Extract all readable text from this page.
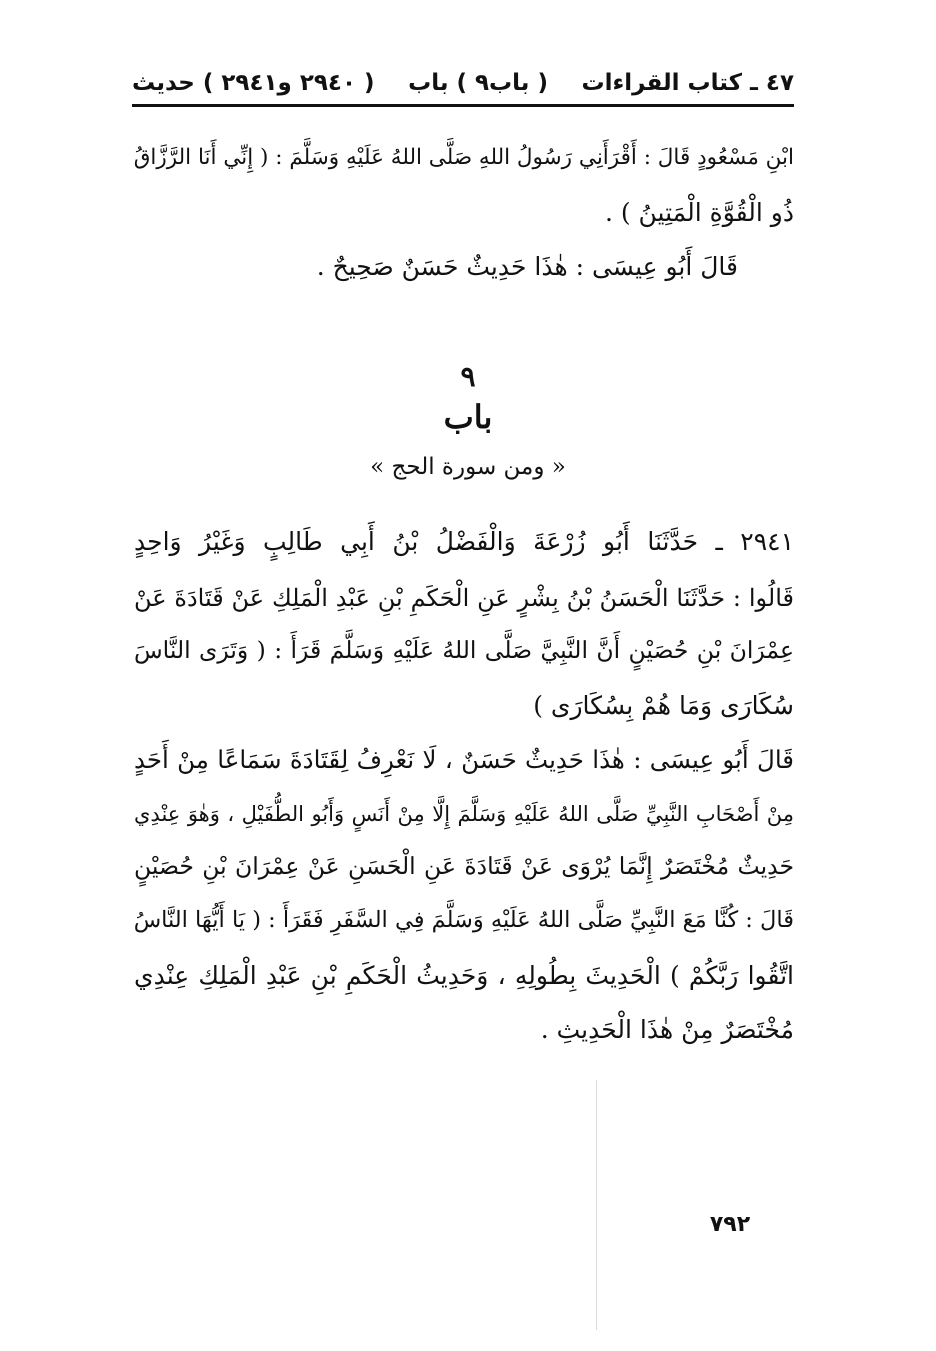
٤٧ ـ كتاب القراءات
( باب٩ ) باب
( ٢٩٤٠ و٢٩٤١ ) حديث
ابْنِ مَسْعُودٍ قَالَ : أَقْرَأَنِي رَسُولُ اللهِ صَلَّى اللهُ عَلَيْهِ وَسَلَّمَ : ( إِنِّي أَنَا الرَّزَّاقُ
ذُو الْقُوَّةِ الْمَتِينُ ) .
قَالَ أَبُو عِيسَى : هٰذَا حَدِيثٌ حَسَنٌ صَحِيحٌ .
٩
باب
« ومن سورة الحج »
٢٩٤١ ـ حَدَّثَنَا أَبُو زُرْعَةَ وَالْفَضْلُ بْنُ أَبِي طَالِبٍ وَغَيْرُ وَاحِدٍ
قَالُوا : حَدَّثَنَا الْحَسَنُ بْنُ بِشْرٍ عَنِ الْحَكَمِ بْنِ عَبْدِ الْمَلِكِ عَنْ قَتَادَةَ عَنْ
عِمْرَانَ بْنِ حُصَيْنٍ أَنَّ النَّبِيَّ صَلَّى اللهُ عَلَيْهِ وَسَلَّمَ قَرَأَ : ( وَتَرَى النَّاسَ
سُكَارَى وَمَا هُمْ بِسُكَارَى )
قَالَ أَبُو عِيسَى : هٰذَا حَدِيثٌ حَسَنٌ ، لَا نَعْرِفُ لِقَتَادَةَ سَمَاعًا مِنْ أَحَدٍ
مِنْ أَصْحَابِ النَّبِيِّ صَلَّى اللهُ عَلَيْهِ وَسَلَّمَ إِلَّا مِنْ أَنَسٍ وَأَبُو الطُّفَيْلِ ، وَهٰوَ عِنْدِي
حَدِيثٌ مُخْتَصَرٌ إِنَّمَا يُرْوَى عَنْ قَتَادَةَ عَنِ الْحَسَنِ عَنْ عِمْرَانَ بْنِ حُصَيْنٍ
قَالَ : كُنَّا مَعَ النَّبِيِّ صَلَّى اللهُ عَلَيْهِ وَسَلَّمَ فِي السَّفَرِ فَقَرَأَ : ( يَا أَيُّهَا النَّاسُ
اتَّقُوا رَبَّكُمْ ) الْحَدِيثَ بِطُولِهِ ، وَحَدِيثُ الْحَكَمِ بْنِ عَبْدِ الْمَلِكِ عِنْدِي
مُخْتَصَرٌ مِنْ هٰذَا الْحَدِيثِ .
٧٩٢
